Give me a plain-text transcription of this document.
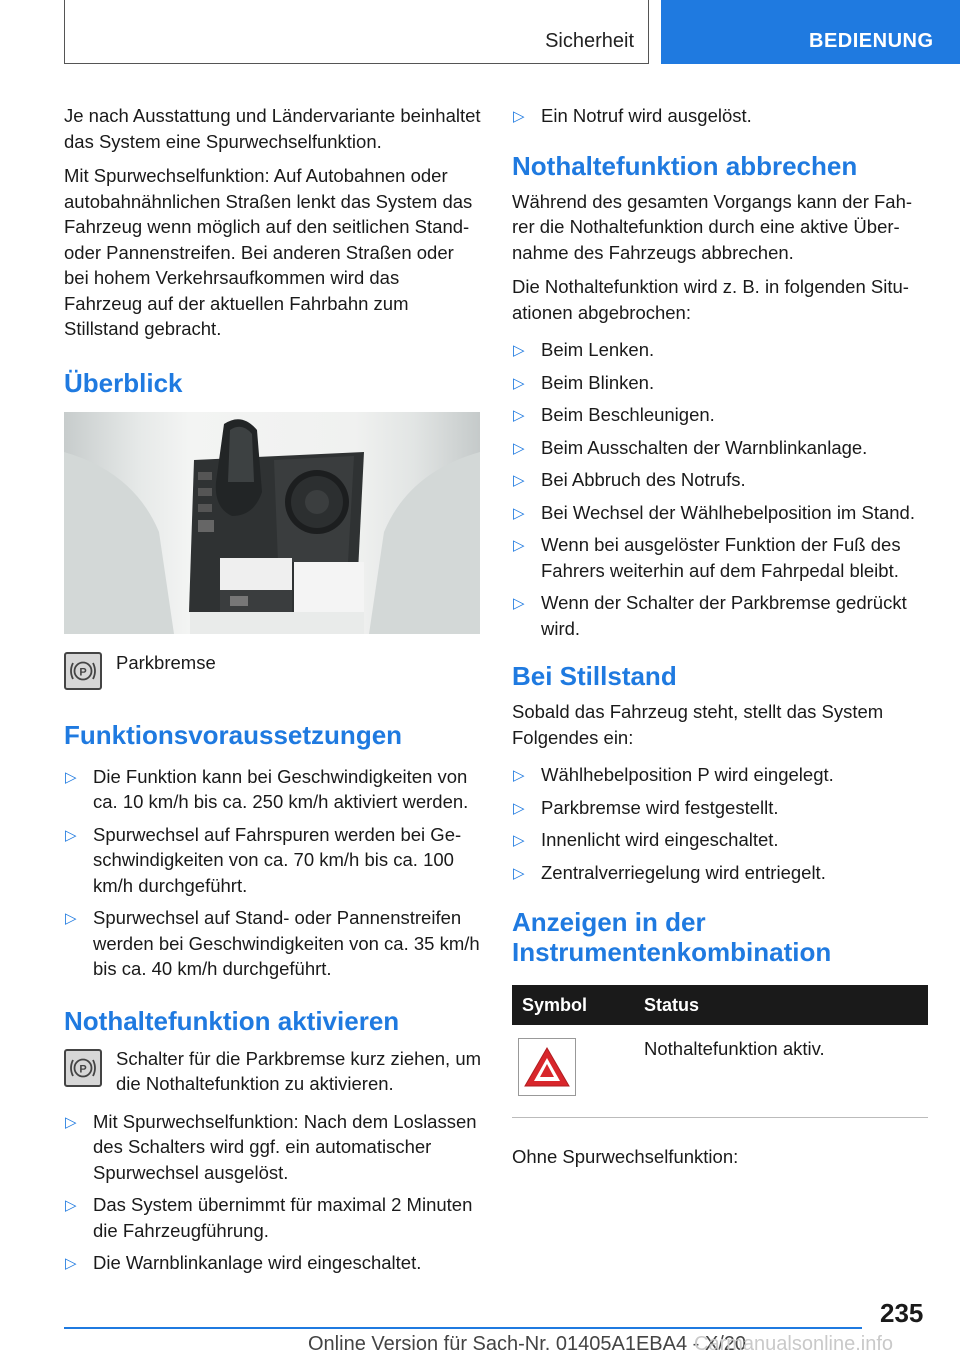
Sicherheit	BEDIENUNG

Je nach Ausstattung und Ländervariante beinhaltet das System eine Spurwechselfunktion.

Mit Spurwechselfunktion: Auf Autobahnen oder autobahnähnlichen Straßen lenkt das System das Fahrzeug wenn möglich auf den seitlichen Stand- oder Pannenstreifen. Bei anderen Straßen oder bei hohem Verkehrsaufkommen wird das Fahrzeug auf der aktuellen Fahrbahn zum Stillstand gebracht.

Überblick
P Parkbremse
Funktionsvoraussetzungen
▷ Die Funktion kann bei Geschwindigkeiten von ca. 10 km/h bis ca. 250 km/h aktiviert werden.
▷ Spurwechsel auf Fahrspuren werden bei Geschwindigkeiten von ca. 70 km/h bis ca. 100 km/h durchgeführt.
▷ Spurwechsel auf Stand- oder Pannenstreifen werden bei Geschwindigkeiten von ca. 35 km/h bis ca. 40 km/h durchgeführt.
Nothaltefunktion aktivieren
P
Schalter für die Parkbremse kurz ziehen, um die Nothaltefunktion zu aktivieren.
▷ Mit Spurwechselfunktion: Nach dem Loslassen des Schalters wird ggf. ein automatischer Spurwechsel ausgelöst.
▷ Das System übernimmt für maximal 2 Minuten die Fahrzeugführung.
▷ Die Warnblinkanlage wird eingeschaltet.
▷ Ein Notruf wird ausgelöst.
Nothaltefunktion abbrechen

Während des gesamten Vorgangs kann der Fahrer die Nothaltefunktion durch eine aktive Übernahme des Fahrzeugs abbrechen.

Die Nothaltefunktion wird z. B. in folgenden Situationen abgebrochen:

▷ Beim Lenken.
▷ Beim Blinken.
▷ Beim Beschleunigen.
▷ Beim Ausschalten der Warnblinkanlage.
▷ Bei Abbruch des Notrufs.
▷ Bei Wechsel der Wählhebelposition im Stand.
▷ Wenn bei ausgelöster Funktion der Fuß des Fahrers weiterhin auf dem Fahrpedal bleibt.
▷ Wenn der Schalter der Parkbremse gedrückt wird.
Bei Stillstand

Sobald das Fahrzeug steht, stellt das System Folgendes ein:

▷ Wählhebelposition P wird eingelegt.
▷ Parkbremse wird festgestellt.
▷ Innenlicht wird eingeschaltet.
▷ Zentralverriegelung wird entriegelt.
Anzeigen in der Instrumentenkombination
Symbol	Status

	Nothaltefunktion aktiv.

Ohne Spurwechselfunktion:

235
Online Version für Sach-Nr. 01405A1EBA4 - X/20
Carmanualsonline.info
